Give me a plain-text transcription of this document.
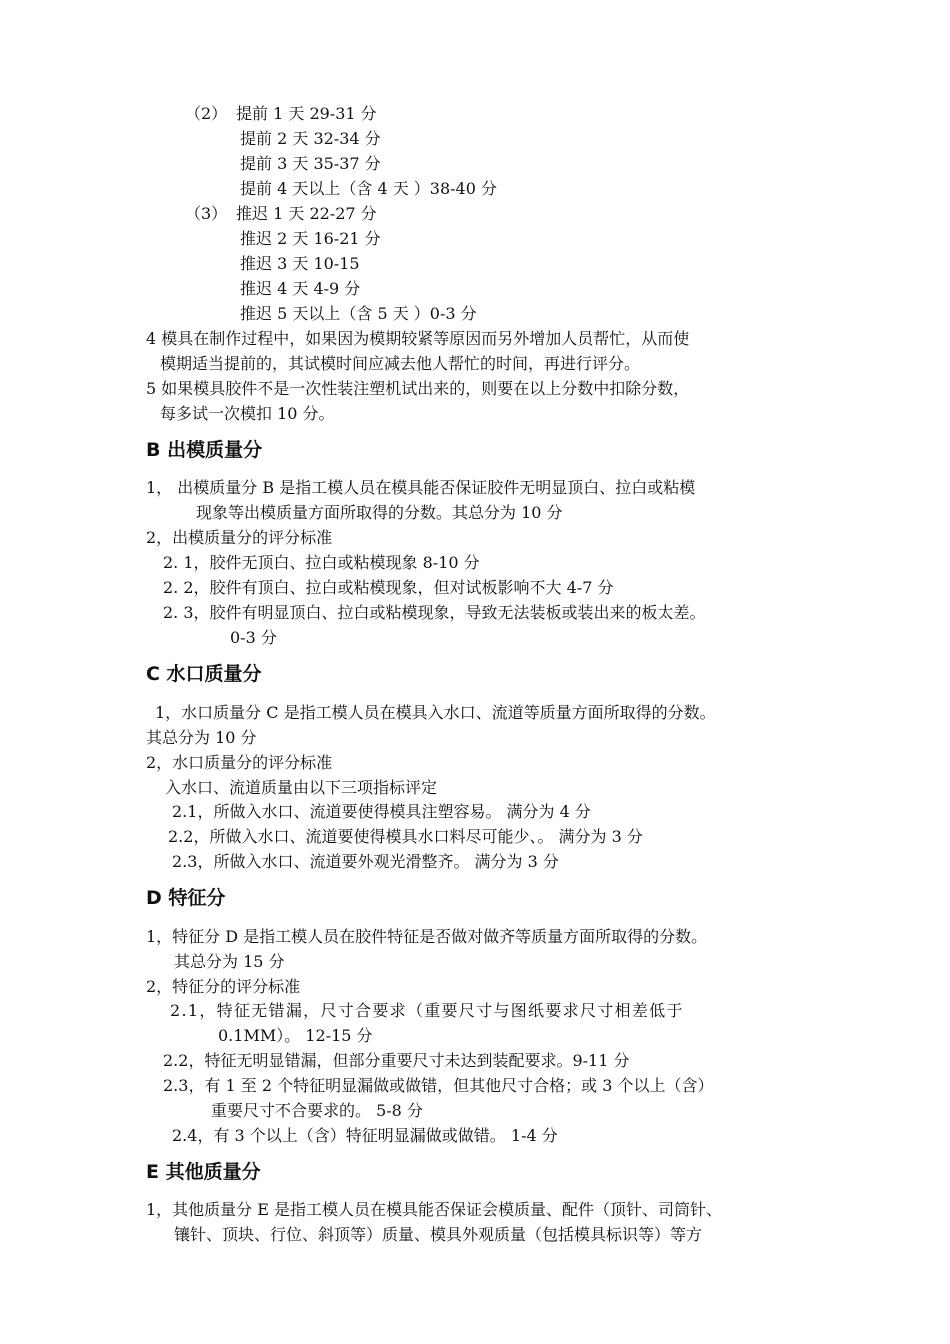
（2） 提前 1 天 29-31 分
提前 2 天 32-34 分
提前 3 天 35-37 分
提前 4 天以上（含 4 天 ）38-40 分
（3） 推迟 1 天 22-27 分
推迟 2 天 16-21 分
推迟 3 天 10-15
推迟 4 天 4-9 分
推迟 5 天以上（含 5 天 ）0-3 分
4 模具在制作过程中，如果因为模期较紧等原因而另外增加人员帮忙，从而使
模期适当提前的，其试模时间应减去他人帮忙的时间，再进行评分。
5 如果模具胶件不是一次性装注塑机试出来的，则要在以上分数中扣除分数，
每多试一次模扣 10 分。
B 出模质量分
1， 出模质量分 B 是指工模人员在模具能否保证胶件无明显顶白、拉白或粘模
现象等出模质量方面所取得的分数。其总分为 10 分
2，出模质量分的评分标准
2. 1，胶件无顶白、拉白或粘模现象 8-10 分
2. 2，胶件有顶白、拉白或粘模现象，但对试板影响不大 4-7 分
2. 3，胶件有明显顶白、拉白或粘模现象，导致无法装板或装出来的板太差。
0-3 分
C 水口质量分
1，水口质量分 C 是指工模人员在模具入水口、流道等质量方面所取得的分数。
其总分为 10 分
2，水口质量分的评分标准
入水口、流道质量由以下三项指标评定
2.1，所做入水口、流道要使得模具注塑容易。 满分为 4 分
2.2，所做入水口、流道要使得模具水口料尽可能少、。 满分为 3 分
2.3，所做入水口、流道要外观光滑整齐。 满分为 3 分
D 特征分
1，特征分 D 是指工模人员在胶件特征是否做对做齐等质量方面所取得的分数。
其总分为 15 分
2，特征分的评分标准
2.1，特征无错漏，尺寸合要求（重要尺寸与图纸要求尺寸相差低于
0.1MM）。 12-15 分
2.2，特征无明显错漏，但部分重要尺寸未达到装配要求。9-11 分
2.3，有 1 至 2 个特征明显漏做或做错，但其他尺寸合格；或 3 个以上（含）
重要尺寸不合要求的。 5-8 分
2.4，有 3 个以上（含）特征明显漏做或做错。 1-4 分
E 其他质量分
1，其他质量分 E 是指工模人员在模具能否保证会模质量、配件（顶针、司筒针、
镶针、顶块、行位、斜顶等）质量、模具外观质量（包括模具标识等）等方
